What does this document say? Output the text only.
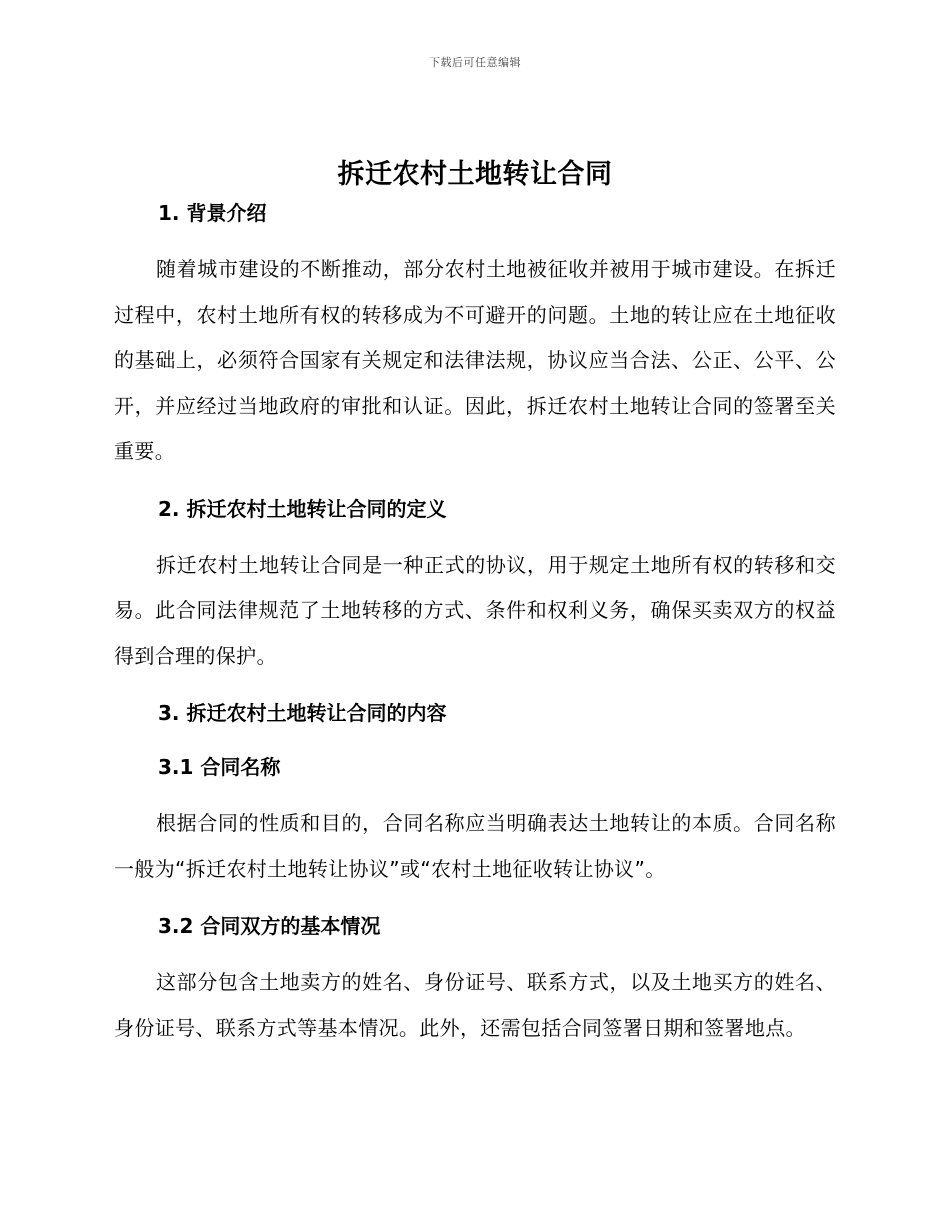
下载后可任意编辑
拆迁农村土地转让合同
1. 背景介绍

随着城市建设的不断推动，部分农村土地被征收并被用于城市建设。在拆迁过程中，农村土地所有权的转移成为不可避开的问题。土地的转让应在土地征收的基础上，必须符合国家有关规定和法律法规，协议应当合法、公正、公平、公开，并应经过当地政府的审批和认证。因此，拆迁农村土地转让合同的签署至关重要。

2. 拆迁农村土地转让合同的定义

拆迁农村土地转让合同是一种正式的协议，用于规定土地所有权的转移和交易。此合同法律规范了土地转移的方式、条件和权利义务，确保买卖双方的权益得到合理的保护。

3. 拆迁农村土地转让合同的内容
3.1 合同名称

根据合同的性质和目的，合同名称应当明确表达土地转让的本质。合同名称一般为“拆迁农村土地转让协议”或“农村土地征收转让协议”。

3.2 合同双方的基本情况

这部分包含土地卖方的姓名、身份证号、联系方式，以及土地买方的姓名、身份证号、联系方式等基本情况。此外，还需包括合同签署日期和签署地点。
